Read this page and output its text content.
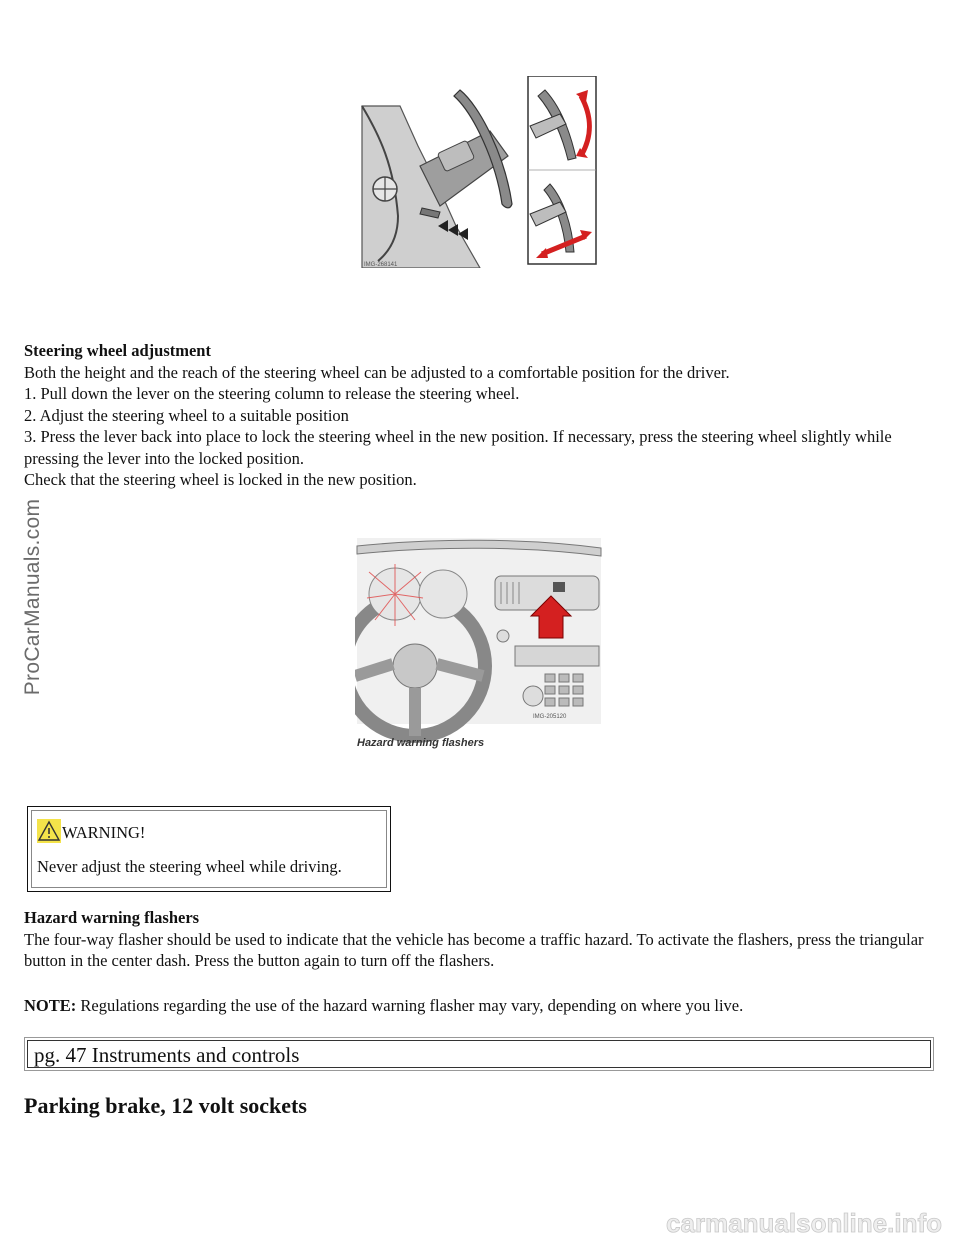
ProCarManuals.com
IMG-268141

Steering wheel adjustment

Both the height and the reach of the steering wheel can be adjusted to a comfortable position for the driver.

1. Pull down the lever on the steering column to release the steering wheel.

2. Adjust the steering wheel to a suitable position

3. Press the lever back into place to lock the steering wheel in the new position. If necessary, press the steering wheel slightly while pressing the lever into the locked position.

Check that the steering wheel is locked in the new position.

IMG-205120
Hazard warning flashers
WARNING!
Never adjust the steering wheel while driving.

Hazard warning flashers

The four-way flasher should be used to indicate that the vehicle has become a traffic hazard. To activate the flashers, press the triangular button in the center dash. Press the button again to turn off the flashers.

NOTE: Regulations regarding the use of the hazard warning flasher may vary, depending on where you live.
pg. 47 Instruments and controls
Parking brake, 12 volt sockets
carmanualsonline.info
